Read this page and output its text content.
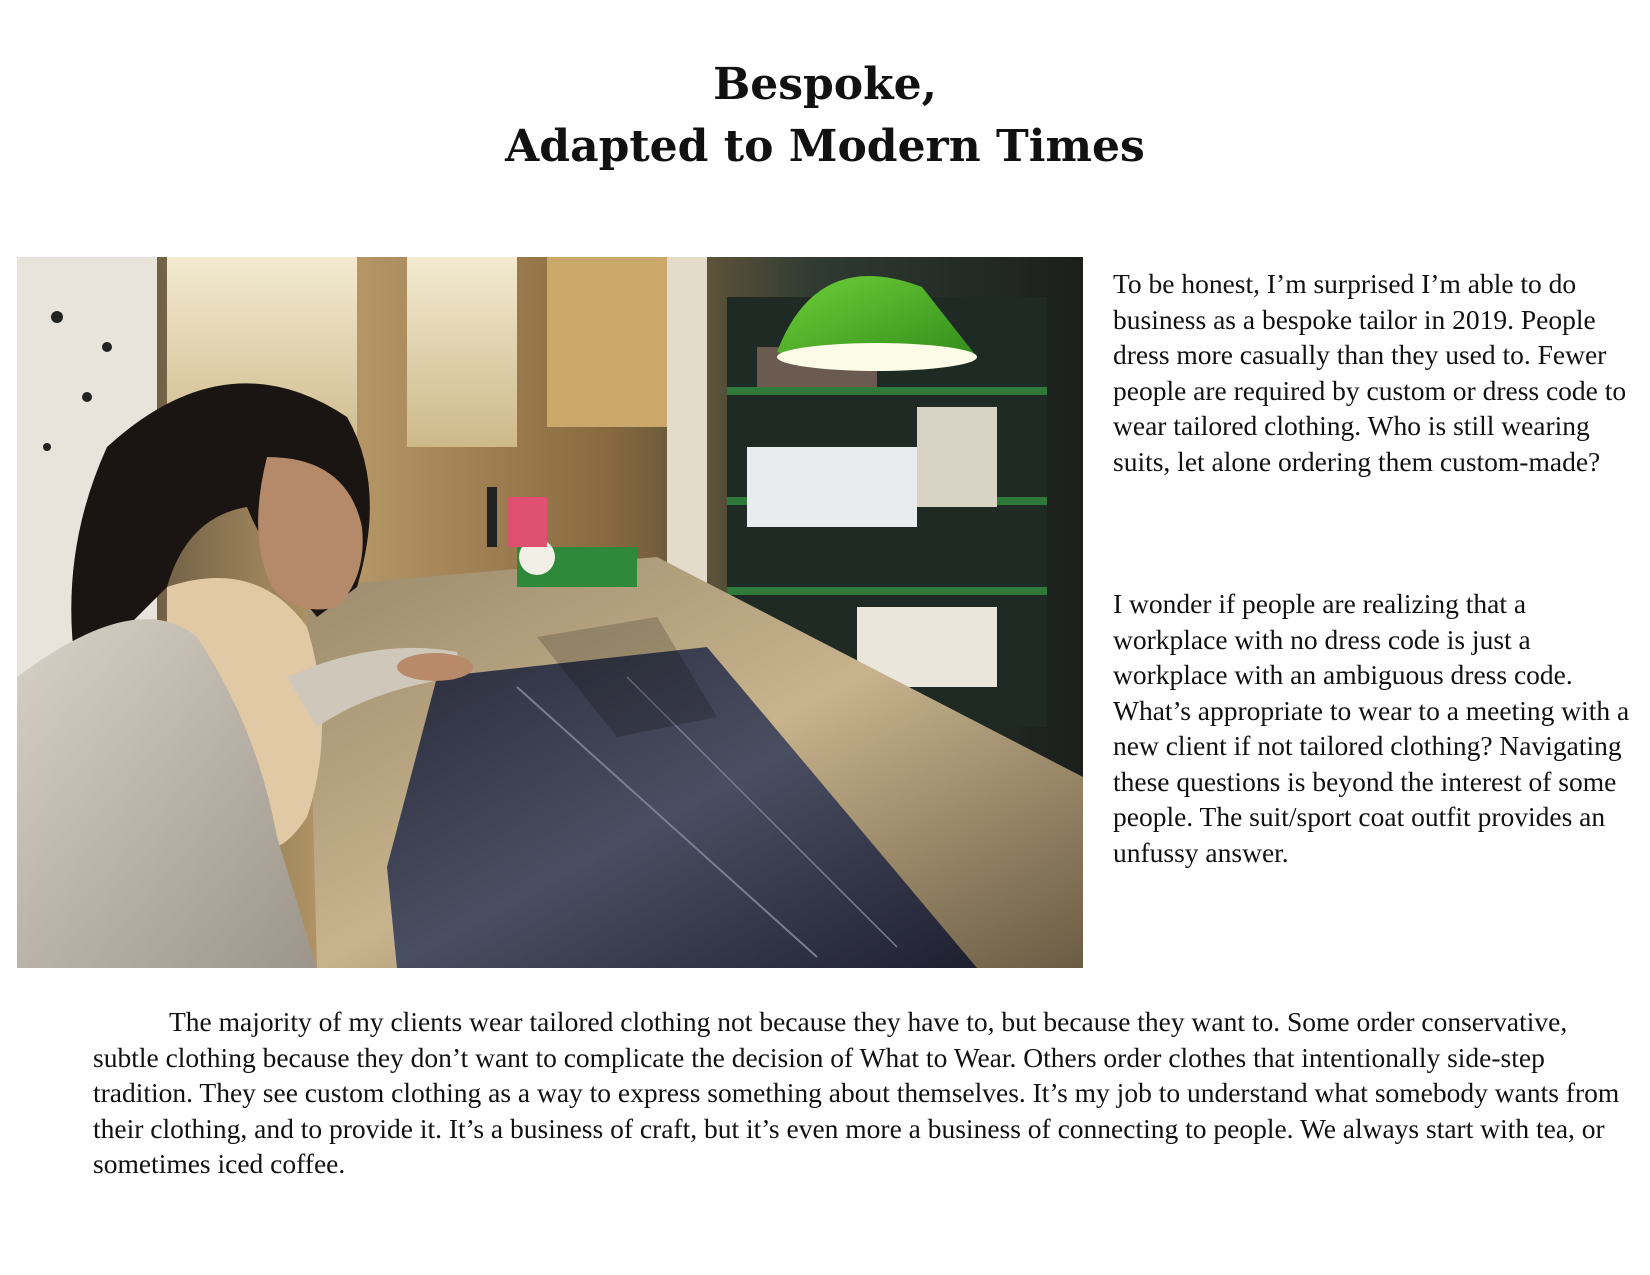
Bespoke,
Adapted to Modern Times

To be honest, I’m surprised I’m able to do business as a bespoke tailor in 2019. People dress more casually than they used to. Fewer people are required by custom or dress code to wear tailored clothing. Who is still wearing suits, let alone ordering them custom-made?

I wonder if people are realizing that a workplace with no dress code is just a workplace with an ambiguous dress code. What’s appropriate to wear to a meeting with a new client if not tailored clothing? Navigating these questions is beyond the interest of some people. The suit/sport coat outfit provides an unfussy answer.

The majority of my clients wear tailored clothing not because they have to, but because they want to. Some order conservative, subtle clothing because they don’t want to complicate the decision of What to Wear. Others order clothes that intentionally side-step tradition. They see custom clothing as a way to express something about themselves. It’s my job to understand what somebody wants from their clothing, and to provide it. It’s a business of craft, but it’s even more a business of connecting to people. We always start with tea, or sometimes iced coffee.
